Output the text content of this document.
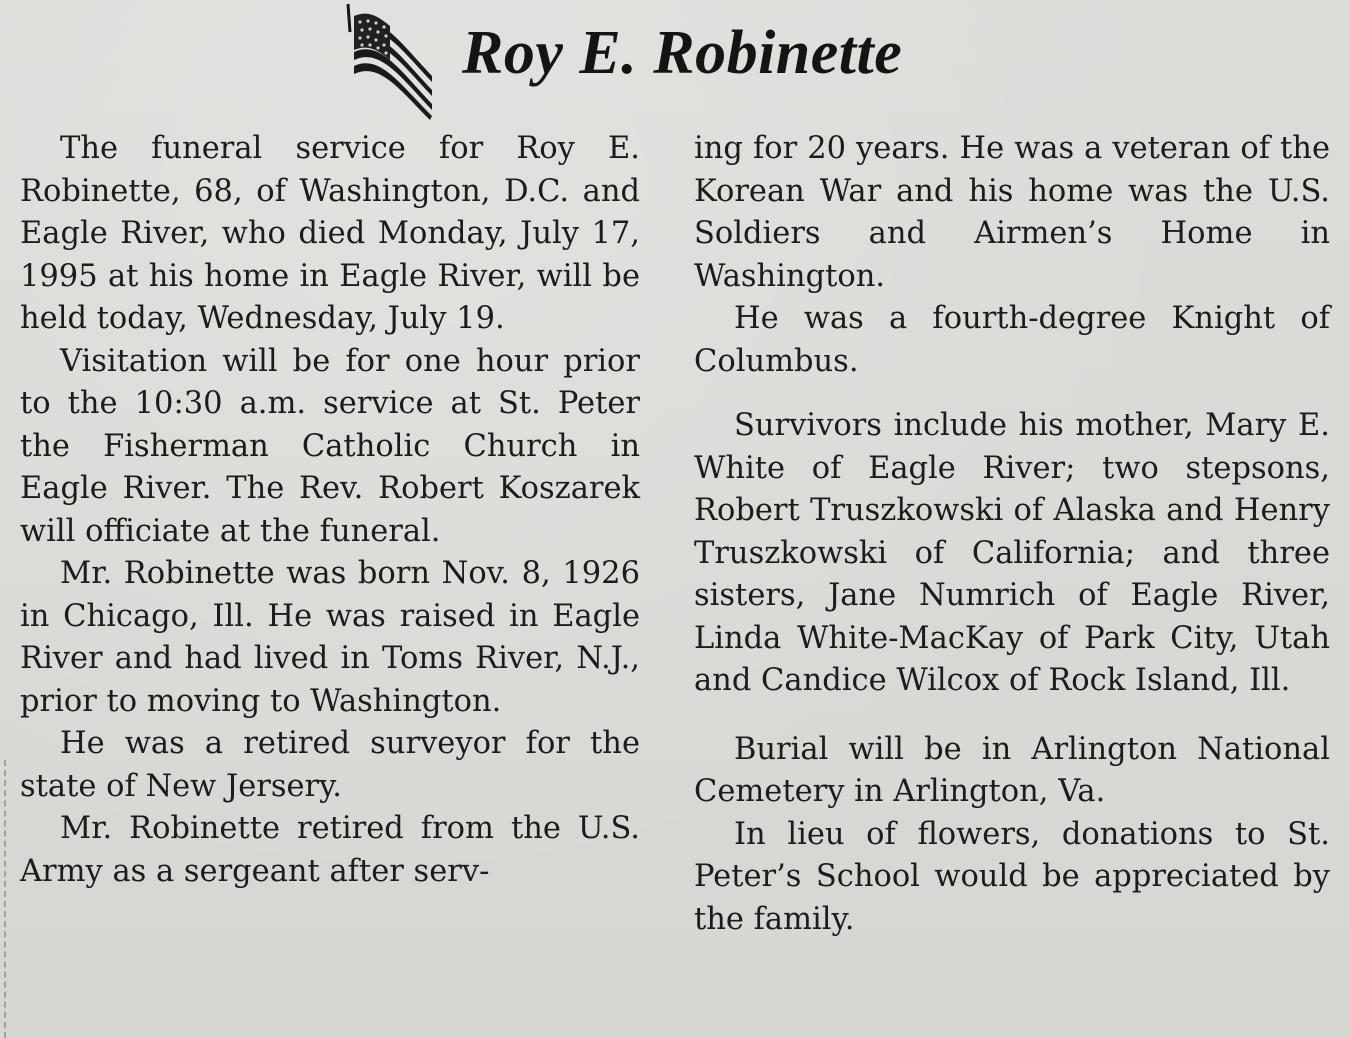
Roy E. Robinette

The funeral service for Roy E. Robinette, 68, of Washington, D.C. and Eagle River, who died Monday, July 17, 1995 at his home in Eagle River, will be held today, Wednesday, July 19.

Visitation will be for one hour prior to the 10:30 a.m. service at St. Peter the Fisherman Catholic Church in Eagle River. The Rev. Robert Koszarek will officiate at the funeral.

Mr. Robinette was born Nov. 8, 1926 in Chicago, Ill. He was raised in Eagle River and had lived in Toms River, N.J., prior to moving to Washington.

He was a retired surveyor for the state of New Jersery.

Mr. Robinette retired from the U.S. Army as a sergeant after serv-

ing for 20 years. He was a veteran of the Korean War and his home was the U.S. Soldiers and Airmen’s Home in Washington.

He was a fourth-degree Knight of Columbus.

Survivors include his mother, Mary E. White of Eagle River; two stepsons, Robert Truszkowski of Alaska and Henry Truszkowski of California; and three sisters, Jane Numrich of Eagle River, Linda White-MacKay of Park City, Utah and Candice Wilcox of Rock Island, Ill.

Burial will be in Arlington National Cemetery in Arlington, Va.

In lieu of flowers, donations to St. Peter’s School would be appreciated by the family.
